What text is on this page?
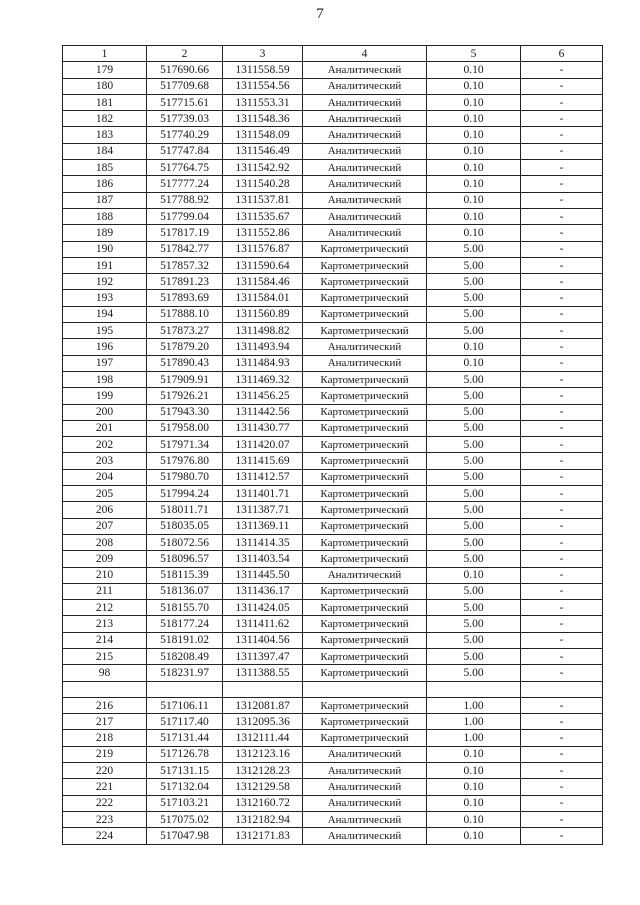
7
1	2	3	4	5	6
179	517690.66	1311558.59	Аналитический	0.10	-
180	517709.68	1311554.56	Аналитический	0.10	-
181	517715.61	1311553.31	Аналитический	0.10	-
182	517739.03	1311548.36	Аналитический	0.10	-
183	517740.29	1311548.09	Аналитический	0.10	-
184	517747.84	1311546.49	Аналитический	0.10	-
185	517764.75	1311542.92	Аналитический	0.10	-
186	517777.24	1311540.28	Аналитический	0.10	-
187	517788.92	1311537.81	Аналитический	0.10	-
188	517799.04	1311535.67	Аналитический	0.10	-
189	517817.19	1311552.86	Аналитический	0.10	-
190	517842.77	1311576.87	Картометрический	5.00	-
191	517857.32	1311590.64	Картометрический	5.00	-
192	517891.23	1311584.46	Картометрический	5.00	-
193	517893.69	1311584.01	Картометрический	5.00	-
194	517888.10	1311560.89	Картометрический	5.00	-
195	517873.27	1311498.82	Картометрический	5.00	-
196	517879.20	1311493.94	Аналитический	0.10	-
197	517890.43	1311484.93	Аналитический	0.10	-
198	517909.91	1311469.32	Картометрический	5.00	-
199	517926.21	1311456.25	Картометрический	5.00	-
200	517943.30	1311442.56	Картометрический	5.00	-
201	517958.00	1311430.77	Картометрический	5.00	-
202	517971.34	1311420.07	Картометрический	5.00	-
203	517976.80	1311415.69	Картометрический	5.00	-
204	517980.70	1311412.57	Картометрический	5.00	-
205	517994.24	1311401.71	Картометрический	5.00	-
206	518011.71	1311387.71	Картометрический	5.00	-
207	518035.05	1311369.11	Картометрический	5.00	-
208	518072.56	1311414.35	Картометрический	5.00	-
209	518096.57	1311403.54	Картометрический	5.00	-
210	518115.39	1311445.50	Аналитический	0.10	-
211	518136.07	1311436.17	Картометрический	5.00	-
212	518155.70	1311424.05	Картометрический	5.00	-
213	518177.24	1311411.62	Картометрический	5.00	-
214	518191.02	1311404.56	Картометрический	5.00	-
215	518208.49	1311397.47	Картометрический	5.00	-
98	518231.97	1311388.55	Картометрический	5.00	-

216	517106.11	1312081.87	Картометрический	1.00	-
217	517117.40	1312095.36	Картометрический	1.00	-
218	517131.44	1312111.44	Картометрический	1.00	-
219	517126.78	1312123.16	Аналитический	0.10	-
220	517131.15	1312128.23	Аналитический	0.10	-
221	517132.04	1312129.58	Аналитический	0.10	-
222	517103.21	1312160.72	Аналитический	0.10	-
223	517075.02	1312182.94	Аналитический	0.10	-
224	517047.98	1312171.83	Аналитический	0.10	-
